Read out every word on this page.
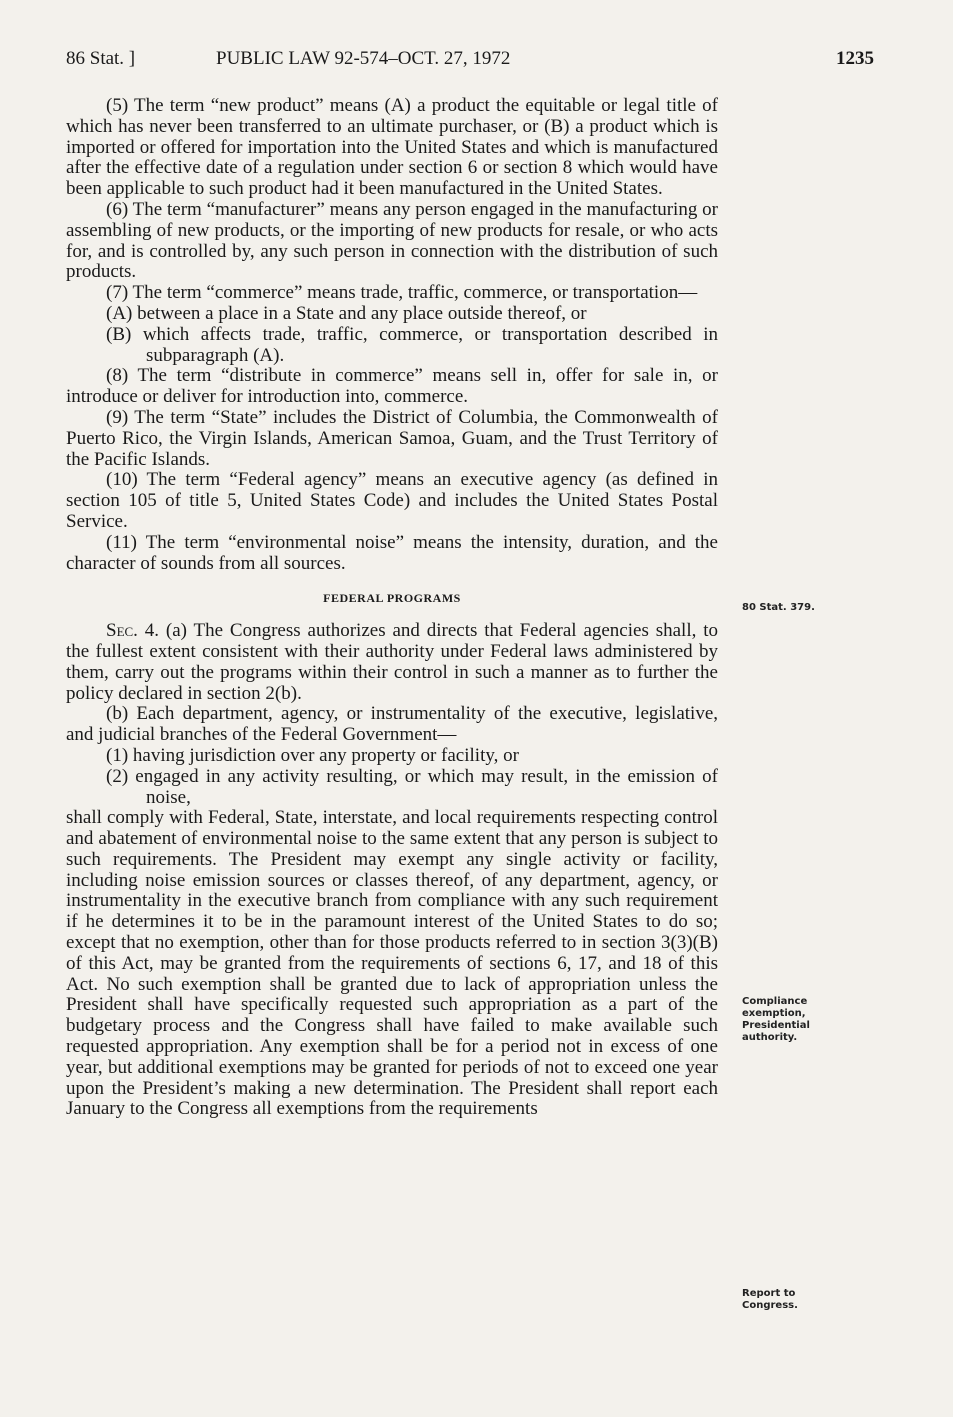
86 Stat. ]	PUBLIC LAW 92-574–OCT. 27, 1972	1235

(5) The term “new product” means (A) a product the equitable or legal title of which has never been transferred to an ultimate purchaser, or (B) a product which is imported or offered for importation into the United States and which is manufactured after the effective date of a regulation under section 6 or section 8 which would have been applicable to such product had it been manufactured in the United States.

(6) The term “manufacturer” means any person engaged in the manufacturing or assembling of new products, or the importing of new products for resale, or who acts for, and is controlled by, any such person in connection with the distribution of such products.

(7) The term “commerce” means trade, traffic, commerce, or transportation—

(A) between a place in a State and any place outside thereof, or

(B) which affects trade, traffic, commerce, or transportation described in subparagraph (A).

(8) The term “distribute in commerce” means sell in, offer for sale in, or introduce or deliver for introduction into, commerce.

(9) The term “State” includes the District of Columbia, the Commonwealth of Puerto Rico, the Virgin Islands, American Samoa, Guam, and the Trust Territory of the Pacific Islands.

(10) The term “Federal agency” means an executive agency (as defined in section 105 of title 5, United States Code) and includes the United States Postal Service.

(11) The term “environmental noise” means the intensity, duration, and the character of sounds from all sources.

FEDERAL PROGRAMS

Sec. 4. (a) The Congress authorizes and directs that Federal agencies shall, to the fullest extent consistent with their authority under Federal laws administered by them, carry out the programs within their control in such a manner as to further the policy declared in section 2(b).

(b) Each department, agency, or instrumentality of the executive, legislative, and judicial branches of the Federal Government—

(1) having jurisdiction over any property or facility, or

(2) engaged in any activity resulting, or which may result, in the emission of noise,

shall comply with Federal, State, interstate, and local requirements respecting control and abatement of environmental noise to the same extent that any person is subject to such requirements. The President may exempt any single activity or facility, including noise emission sources or classes thereof, of any department, agency, or instrumentality in the executive branch from compliance with any such requirement if he determines it to be in the paramount interest of the United States to do so; except that no exemption, other than for those products referred to in section 3(3)(B) of this Act, may be granted from the requirements of sections 6, 17, and 18 of this Act. No such exemption shall be granted due to lack of appropriation unless the President shall have specifically requested such appropriation as a part of the budgetary process and the Congress shall have failed to make available such requested appropriation. Any exemption shall be for a period not in excess of one year, but additional exemptions may be granted for periods of not to exceed one year upon the President’s making a new determination. The President shall report each January to the Congress all exemptions from the requirements

80 Stat. 379.
Compliance exemption, Presidential authority.
Report to Congress.
